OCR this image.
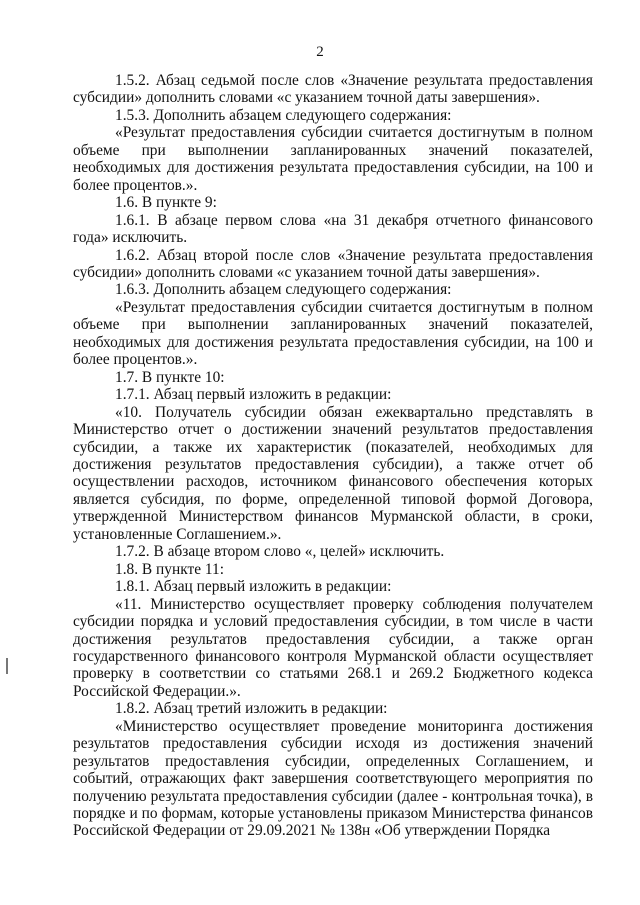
2

1.5.2. Абзац седьмой после слов «Значение результата предоставления субсидии» дополнить словами «с указанием точной даты завершения».

1.5.3. Дополнить абзацем следующего содержания:

«Результат предоставления субсидии считается достигнутым в полном объеме при выполнении запланированных значений показателей, необходимых для достижения результата предоставления субсидии, на 100 и более процентов.».

1.6. В пункте 9:

1.6.1. В абзаце первом слова «на 31 декабря отчетного финансового года» исключить.

1.6.2. Абзац второй после слов «Значение результата предоставления субсидии» дополнить словами «с указанием точной даты завершения».

1.6.3. Дополнить абзацем следующего содержания:

«Результат предоставления субсидии считается достигнутым в полном объеме при выполнении запланированных значений показателей, необходимых для достижения результата предоставления субсидии, на 100 и более процентов.».

1.7. В пункте 10:

1.7.1. Абзац первый изложить в редакции:

«10. Получатель субсидии обязан ежеквартально представлять в Министерство отчет о достижении значений результатов предоставления субсидии, а также их характеристик (показателей, необходимых для достижения результатов предоставления субсидии), а также отчет об осуществлении расходов, источником финансового обеспечения которых является субсидия, по форме, определенной типовой формой Договора, утвержденной Министерством финансов Мурманской области, в сроки, установленные Соглашением.».

1.7.2. В абзаце втором слово «, целей» исключить.

1.8. В пункте 11:

1.8.1. Абзац первый изложить в редакции:

«11. Министерство осуществляет проверку соблюдения получателем субсидии порядка и условий предоставления субсидии, в том числе в части достижения результатов предоставления субсидии, а также орган государственного финансового контроля Мурманской области осуществляет проверку в соответствии со статьями 268.1 и 269.2 Бюджетного кодекса Российской Федерации.».

1.8.2. Абзац третий изложить в редакции:

«Министерство осуществляет проведение мониторинга достижения результатов предоставления субсидии исходя из достижения значений результатов предоставления субсидии, определенных Соглашением, и событий, отражающих факт завершения соответствующего мероприятия по получению результата предоставления субсидии (далее - контрольная точка), в порядке и по формам, которые установлены приказом Министерства финансов Российской Федерации от 29.09.2021 № 138н «Об утверждении Порядка
